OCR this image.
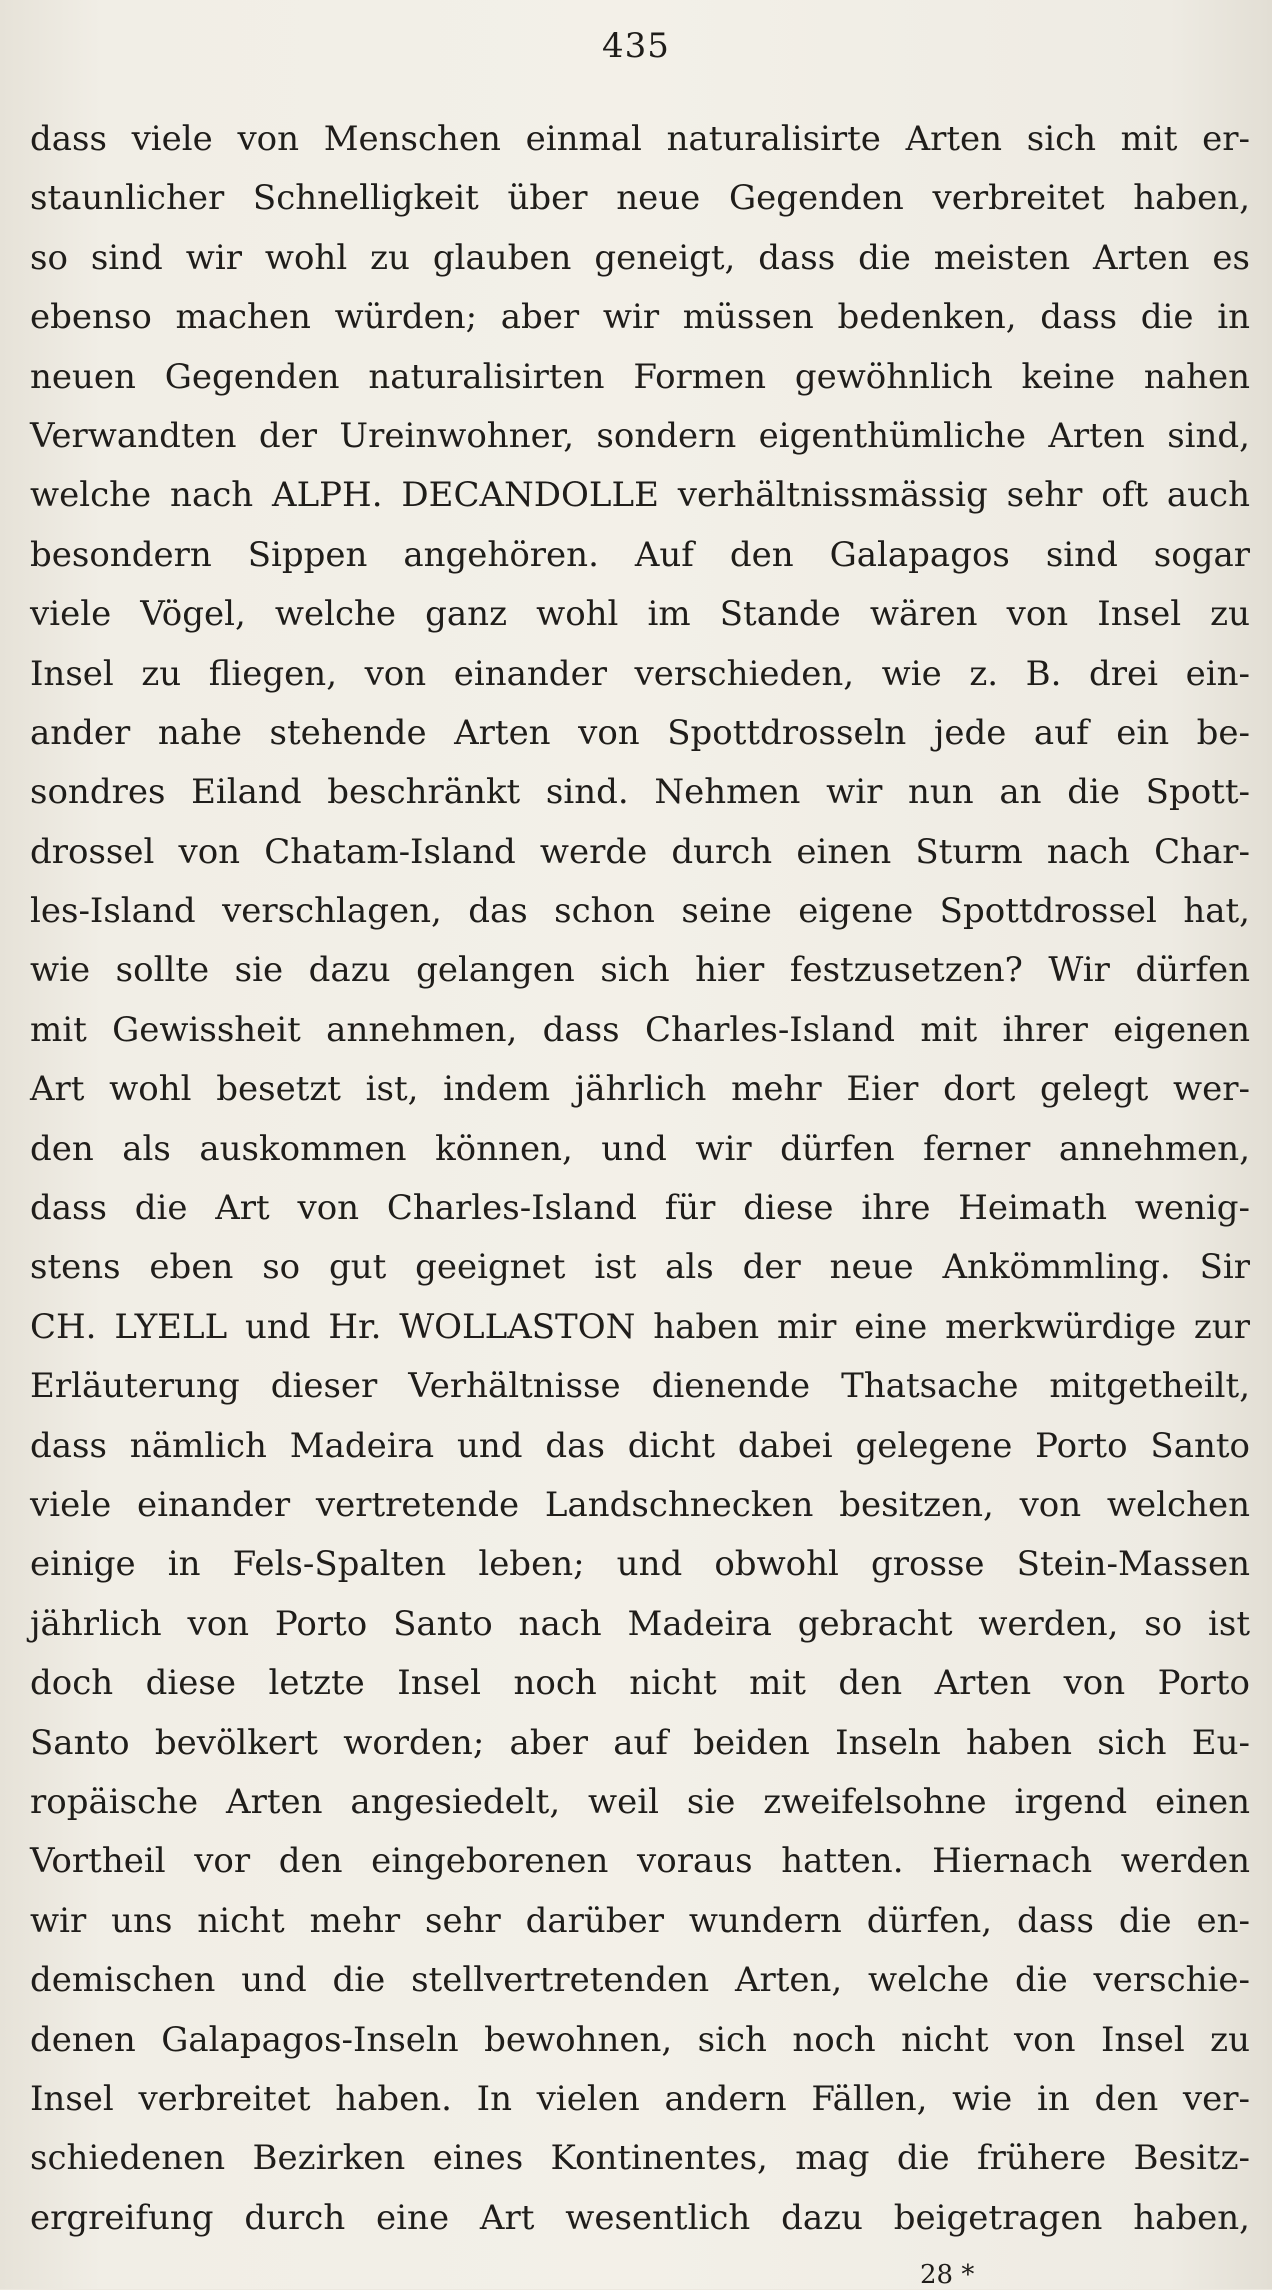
435
dass viele von Menschen einmal naturalisirte Arten sich mit er-
staunlicher Schnelligkeit über neue Gegenden verbreitet haben,
so sind wir wohl zu glauben geneigt, dass die meisten Arten es
ebenso machen würden; aber wir müssen bedenken, dass die in
neuen Gegenden naturalisirten Formen gewöhnlich keine nahen
Verwandten der Ureinwohner, sondern eigenthümliche Arten sind,
welche nach ALPH. DECANDOLLE verhältnissmässig sehr oft auch
besondern Sippen angehören. Auf den Galapagos sind sogar
viele Vögel, welche ganz wohl im Stande wären von Insel zu
Insel zu fliegen, von einander verschieden, wie z. B. drei ein-
ander nahe stehende Arten von Spottdrosseln jede auf ein be-
sondres Eiland beschränkt sind. Nehmen wir nun an die Spott-
drossel von Chatam-Island werde durch einen Sturm nach Char-
les-Island verschlagen, das schon seine eigene Spottdrossel hat,
wie sollte sie dazu gelangen sich hier festzusetzen? Wir dürfen
mit Gewissheit annehmen, dass Charles-Island mit ihrer eigenen
Art wohl besetzt ist, indem jährlich mehr Eier dort gelegt wer-
den als auskommen können, und wir dürfen ferner annehmen,
dass die Art von Charles-Island für diese ihre Heimath wenig-
stens eben so gut geeignet ist als der neue Ankömmling. Sir
CH. LYELL und Hr. WOLLASTON haben mir eine merkwürdige zur
Erläuterung dieser Verhältnisse dienende Thatsache mitgetheilt,
dass nämlich Madeira und das dicht dabei gelegene Porto Santo
viele einander vertretende Landschnecken besitzen, von welchen
einige in Fels-Spalten leben; und obwohl grosse Stein-Massen
jährlich von Porto Santo nach Madeira gebracht werden, so ist
doch diese letzte Insel noch nicht mit den Arten von Porto
Santo bevölkert worden; aber auf beiden Inseln haben sich Eu-
ropäische Arten angesiedelt, weil sie zweifelsohne irgend einen
Vortheil vor den eingeborenen voraus hatten. Hiernach werden
wir uns nicht mehr sehr darüber wundern dürfen, dass die en-
demischen und die stellvertretenden Arten, welche die verschie-
denen Galapagos-Inseln bewohnen, sich noch nicht von Insel zu
Insel verbreitet haben. In vielen andern Fällen, wie in den ver-
schiedenen Bezirken eines Kontinentes, mag die frühere Besitz-
ergreifung durch eine Art wesentlich dazu beigetragen haben,
28 *
